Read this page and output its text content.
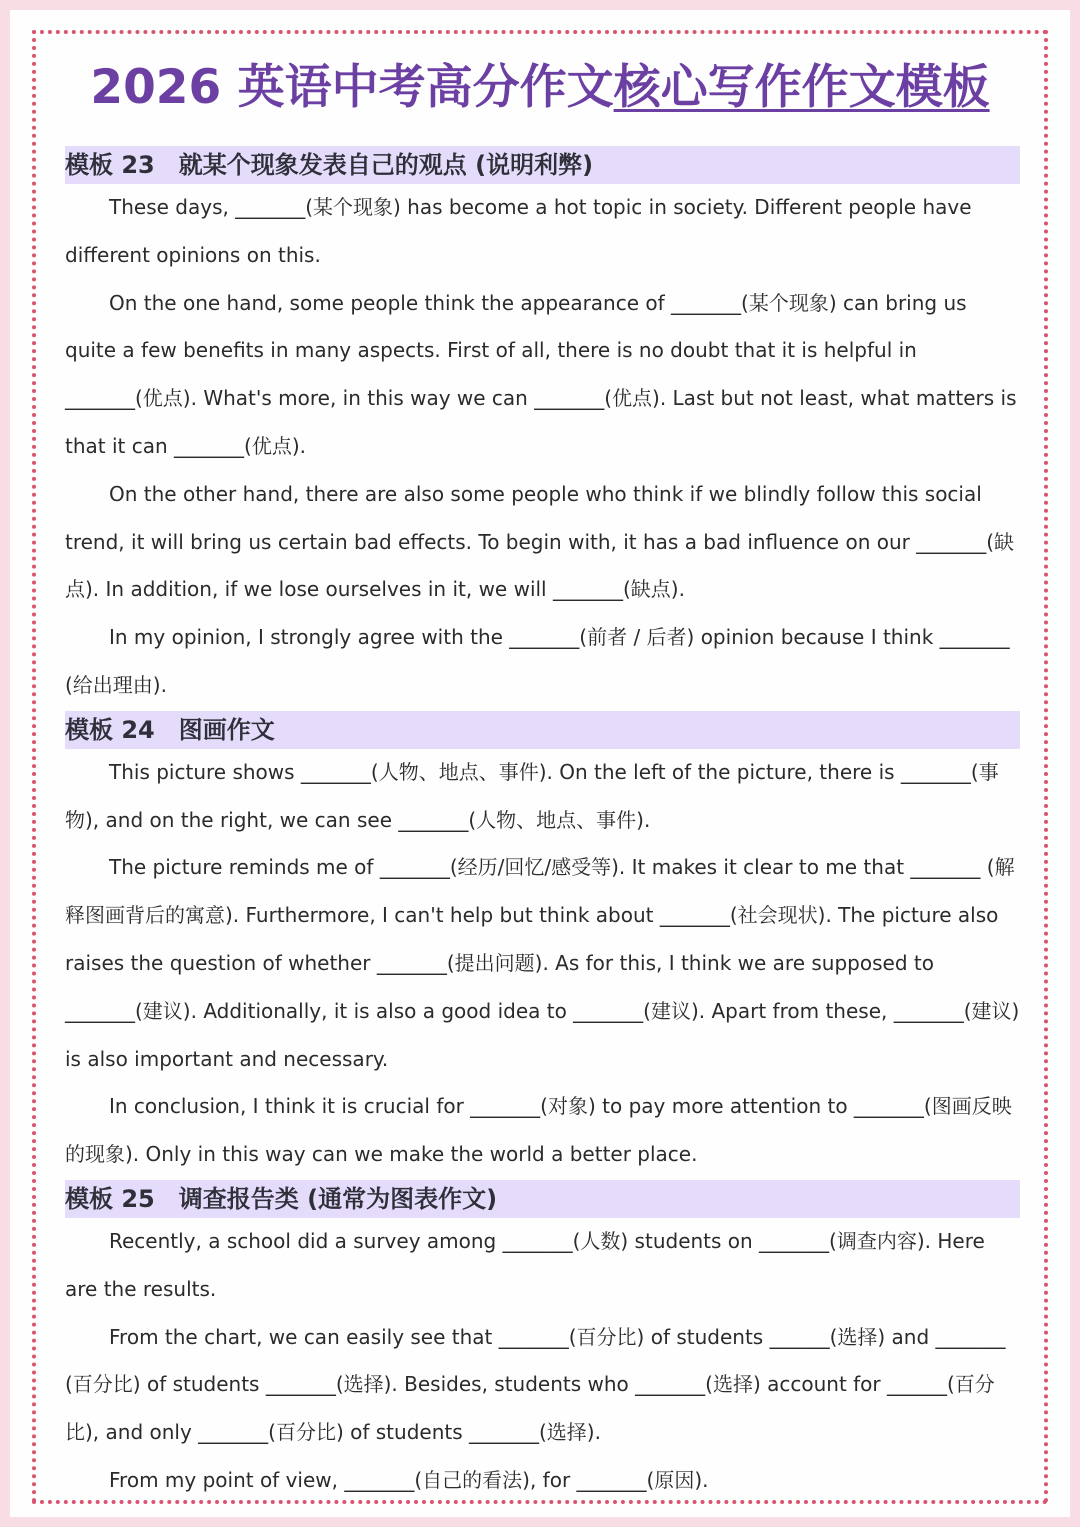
2026 英语中考高分作文核心写作作文模板
模板 23　就某个现象发表自己的观点 (说明利弊)

These days, _______(某个现象) has become a hot topic in society. Different people have different opinions on this.

On the one hand, some people think the appearance of _______(某个现象) can bring us quite a few benefits in many aspects. First of all, there is no doubt that it is helpful in _______(优点). What's more, in this way we can _______(优点). Last but not least, what matters is that it can _______(优点).

On the other hand, there are also some people who think if we blindly follow this social trend, it will bring us certain bad effects. To begin with, it has a bad influence on our _______(缺点). In addition, if we lose ourselves in it, we will _______(缺点).

In my opinion, I strongly agree with the _______(前者 / 后者) opinion because I think _______ (给出理由).

模板 24　图画作文

This picture shows _______(人物、地点、事件). On the left of the picture, there is _______(事物), and on the right, we can see _______(人物、地点、事件).

The picture reminds me of _______(经历/回忆/感受等). It makes it clear to me that _______ (解释图画背后的寓意). Furthermore, I can't help but think about _______(社会现状). The picture also raises the question of whether _______(提出问题). As for this, I think we are supposed to _______(建议). Additionally, it is also a good idea to _______(建议). Apart from these, _______(建议) is also important and necessary.

In conclusion, I think it is crucial for _______(对象) to pay more attention to _______(图画反映的现象). Only in this way can we make the world a better place.

模板 25　调查报告类 (通常为图表作文)

Recently, a school did a survey among _______(人数) students on _______(调查内容). Here are the results.

From the chart, we can easily see that _______(百分比) of students ______(选择) and _______ (百分比) of students _______(选择). Besides, students who _______(选择) account for ______(百分比), and only _______(百分比) of students _______(选择).

From my point of view, _______(自己的看法), for _______(原因).
